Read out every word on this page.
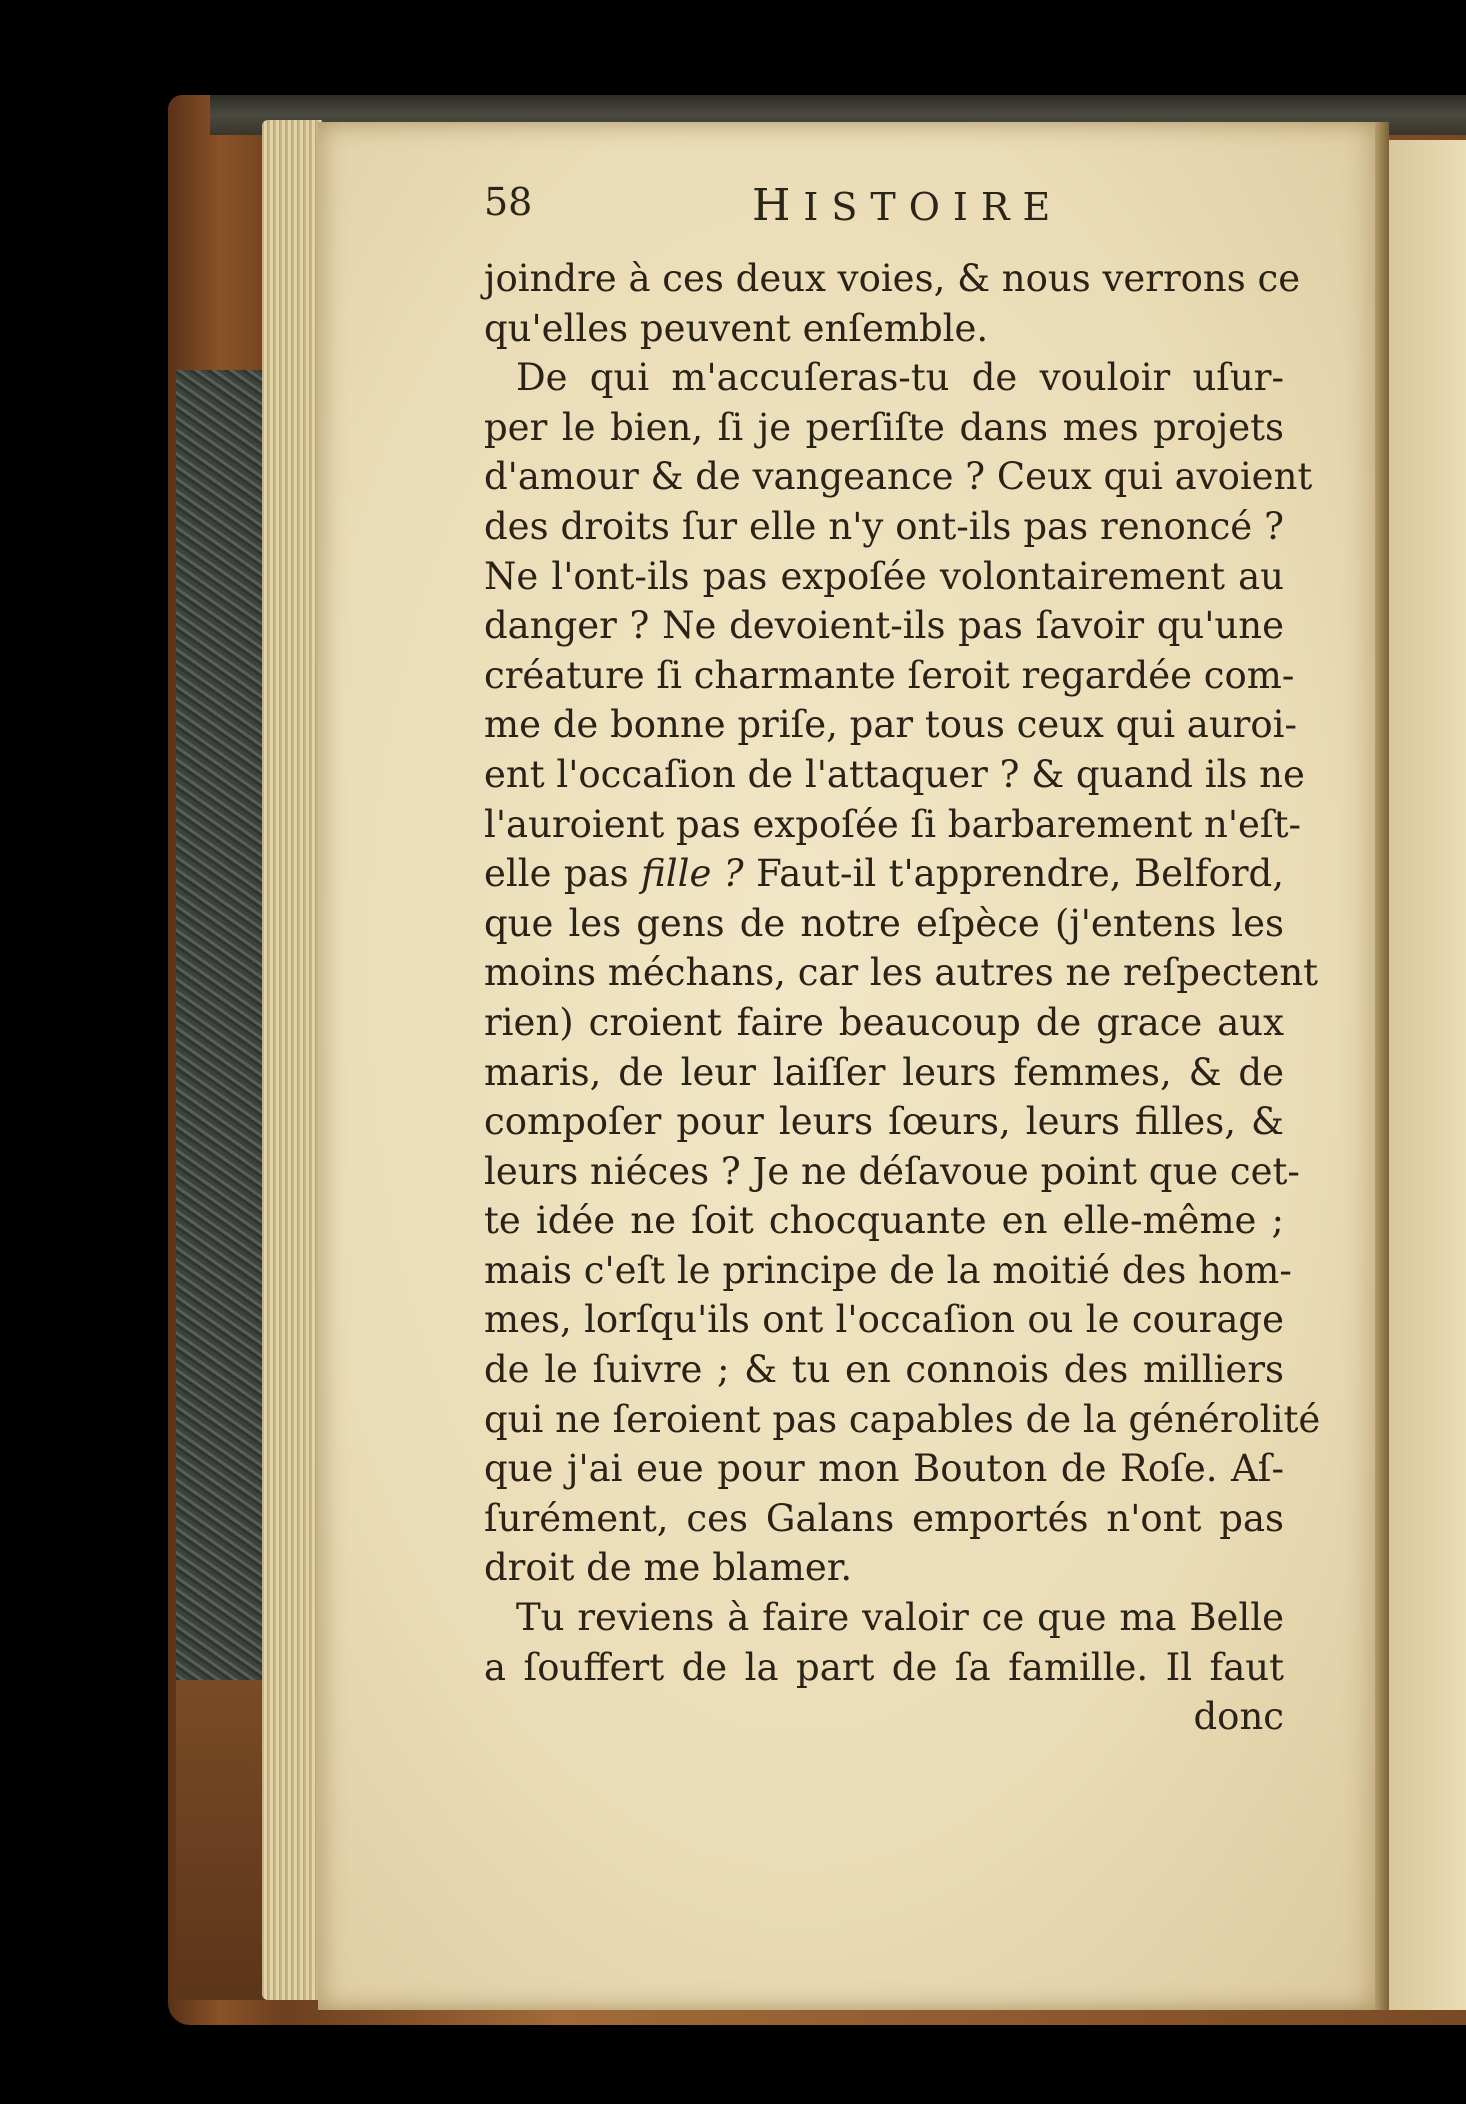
58	HISTOIRE
joindre à ces deux voies, & nous verrons ce
qu'elles peuvent enſemble.
De qui m'accuſeras-tu de vouloir uſur-
per le bien, ſi je perſiſte dans mes projets
d'amour & de vangeance ? Ceux qui avoient
des droits ſur elle n'y ont-ils pas renoncé ?
Ne l'ont-ils pas expoſée volontairement au
danger ? Ne devoient-ils pas ſavoir qu'une
créature ſi charmante ſeroit regardée com-
me de bonne priſe, par tous ceux qui auroi-
ent l'occaſion de l'attaquer ? & quand ils ne
l'auroient pas expoſée ſi barbarement n'eſt-
elle pas fille ? Faut-il t'apprendre, Belford,
que les gens de notre eſpèce (j'entens les
moins méchans, car les autres ne reſpectent
rien) croient faire beaucoup de grace aux
maris, de leur laiſſer leurs femmes, & de
compoſer pour leurs ſœurs, leurs filles, &
leurs niéces ? Je ne déſavoue point que cet-
te idée ne ſoit chocquante en elle-même ;
mais c'eſt le principe de la moitié des hom-
mes, lorſqu'ils ont l'occaſion ou le courage
de le ſuivre ; & tu en connois des milliers
qui ne ſeroient pas capables de la générolité
que j'ai eue pour mon Bouton de Roſe. Aſ-
ſurément, ces Galans emportés n'ont pas
droit de me blamer.
Tu reviens à faire valoir ce que ma Belle
a ſouffert de la part de ſa famille. Il faut
donc
